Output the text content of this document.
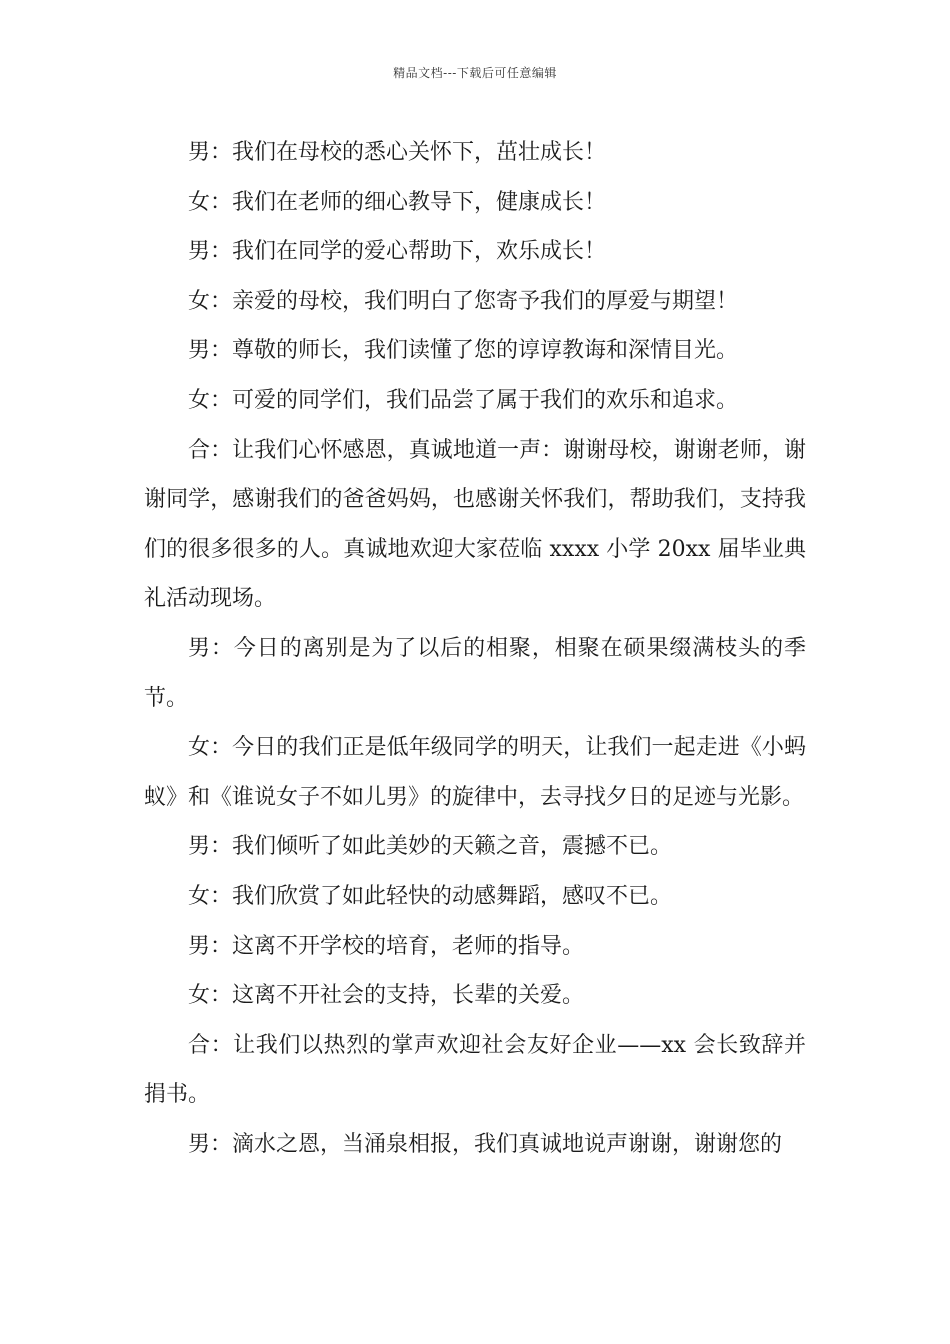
精品文档---下载后可任意编辑

男：我们在母校的悉心关怀下，茁壮成长！

女：我们在老师的细心教导下，健康成长！

男：我们在同学的爱心帮助下，欢乐成长！

女：亲爱的母校，我们明白了您寄予我们的厚爱与期望！

男：尊敬的师长，我们读懂了您的谆谆教诲和深情目光。

女：可爱的同学们，我们品尝了属于我们的欢乐和追求。

合：让我们心怀感恩，真诚地道一声：谢谢母校，谢谢老师，谢谢同学，感谢我们的爸爸妈妈，也感谢关怀我们，帮助我们，支持我们的很多很多的人。真诚地欢迎大家莅临 xxxx 小学 20xx 届毕业典礼活动现场。

男：今日的离别是为了以后的相聚，相聚在硕果缀满枝头的季节。

女：今日的我们正是低年级同学的明天，让我们一起走进《小蚂蚁》和《谁说女子不如儿男》的旋律中，去寻找夕日的足迹与光影。

男：我们倾听了如此美妙的天籁之音，震撼不已。

女：我们欣赏了如此轻快的动感舞蹈，感叹不已。

男：这离不开学校的培育，老师的指导。

女：这离不开社会的支持，长辈的关爱。

合：让我们以热烈的掌声欢迎社会友好企业——xx 会长致辞并捐书。

男：滴水之恩，当涌泉相报，我们真诚地说声谢谢，谢谢您的
